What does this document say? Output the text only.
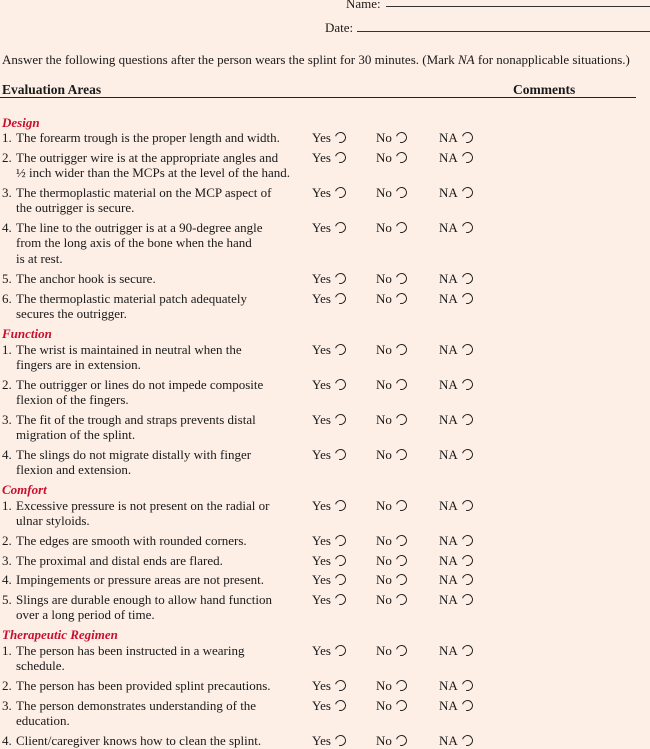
Name:
Date:
Answer the following questions after the person wears the splint for 30 minutes. (Mark NA for nonapplicable situations.)
Evaluation Areas	Comments
Design
1. The forearm trough is the proper length and width.	Yes	No	NA
2. The outrigger wire is at the appropriate angles and
½ inch wider than the MCPs at the level of the hand.
Yes	No	NA
3. The thermoplastic material on the MCP aspect of
the outrigger is secure.
Yes	No	NA
4. The line to the outrigger is at a 90-degree angle
from the long axis of the bone when the hand
is at rest.
Yes	No	NA
5. The anchor hook is secure.	Yes	No	NA
6. The thermoplastic material patch adequately
secures the outrigger.
Yes	No	NA
Function
1. The wrist is maintained in neutral when the
fingers are in extension.
Yes	No	NA
2. The outrigger or lines do not impede composite
flexion of the fingers.
Yes	No	NA
3. The fit of the trough and straps prevents distal
migration of the splint.
Yes	No	NA
4. The slings do not migrate distally with finger
flexion and extension.
Yes	No	NA
Comfort
1. Excessive pressure is not present on the radial or
ulnar styloids.
Yes	No	NA
2. The edges are smooth with rounded corners.	Yes	No	NA
3. The proximal and distal ends are flared.	Yes	No	NA
4. Impingements or pressure areas are not present.	Yes	No	NA
5. Slings are durable enough to allow hand function
over a long period of time.
Yes	No	NA
Therapeutic Regimen
1. The person has been instructed in a wearing
schedule.
Yes	No	NA
2. The person has been provided splint precautions.	Yes	No	NA
3. The person demonstrates understanding of the
education.
Yes	No	NA
4. Client/caregiver knows how to clean the splint.	Yes	No	NA
